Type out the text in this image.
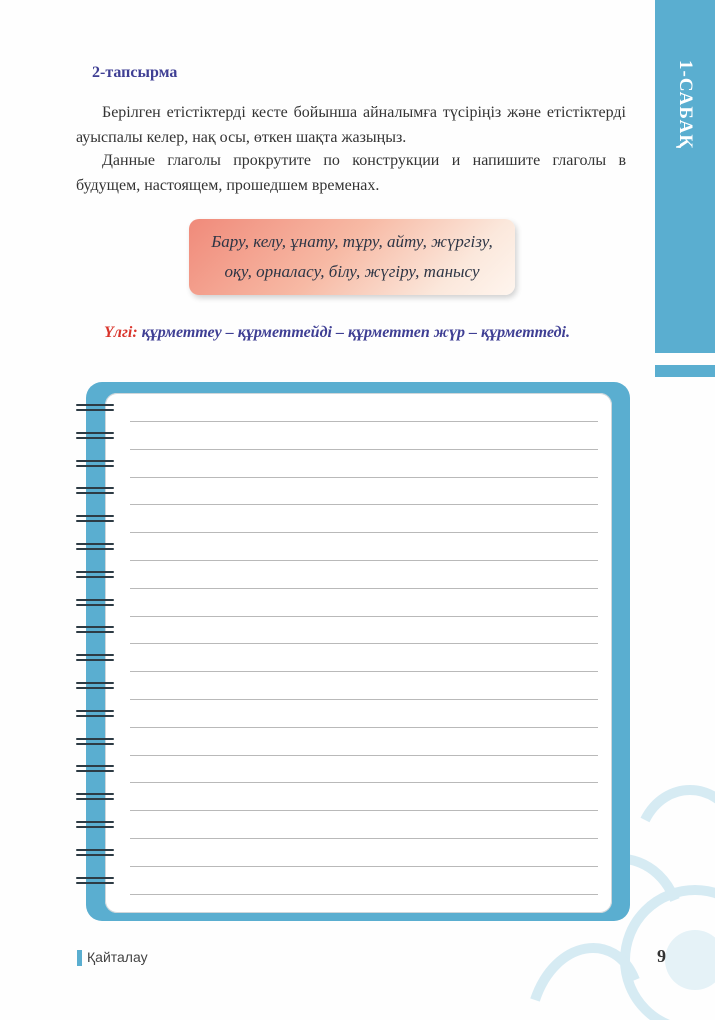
1-САБАҚ
2-тапсырма
Берілген етістіктерді кесте бойынша айналымға түсіріңіз және етістіктерді ауыспалы келер, нақ осы, өткен шақта жазыңыз.
Данные глаголы прокрутите по конструкции и напишите глаголы в будущем, настоящем, прошедшем временах.
Бару, келу, ұнату, тұру, айту, жүргізу,
оқу, орналасу, білу, жүгіру, танысу
Үлгі: құрметтеу – құрметтейді – құрметтеп жүр – құрметтеді.
Қайталау	9
